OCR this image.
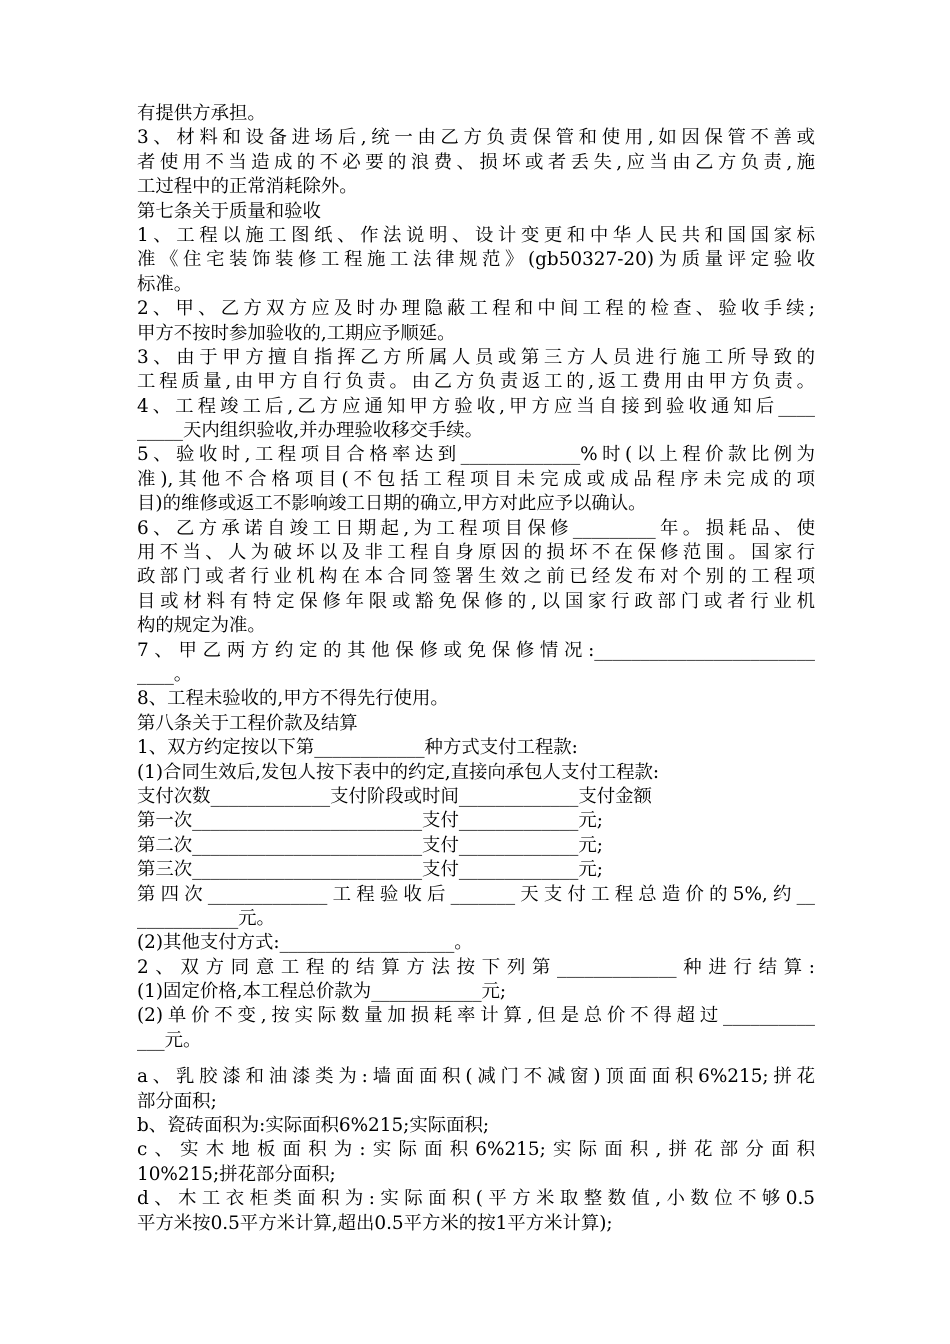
有提供方承担。
3、材料和设备进场后,统一由乙方负责保管和使用,如因保管不善或
者使用不当造成的不必要的浪费、损坏或者丢失,应当由乙方负责,施
工过程中的正常消耗除外。
第七条关于质量和验收
1、工程以施工图纸、作法说明、设计变更和中华人民共和国国家标
准《住宅装饰装修工程施工法律规范》(gb50327-20)为质量评定验收
标准。
2、甲、乙方双方应及时办理隐蔽工程和中间工程的检查、验收手续;
甲方不按时参加验收的,工期应予顺延。
3、由于甲方擅自指挥乙方所属人员或第三方人员进行施工所导致的
工程质量,由甲方自行负责。由乙方负责返工的,返工费用由甲方负责。
4、工程竣工后,乙方应通知甲方验收,甲方应当自接到验收通知后____
_____天内组织验收,并办理验收移交手续。
5、验收时,工程项目合格率达到_____________%时(以上程价款比例为
准),其他不合格项目(不包括工程项目未完成或成品程序未完成的项
目)的维修或返工不影响竣工日期的确立,甲方对此应予以确认。
6、乙方承诺自竣工日期起,为工程项目保修_________年。损耗品、使
用不当、人为破坏以及非工程自身原因的损坏不在保修范围。国家行
政部门或者行业机构在本合同签署生效之前已经发布对个别的工程项
目或材料有特定保修年限或豁免保修的,以国家行政部门或者行业机
构的规定为准。
7、甲乙两方约定的其他保修或免保修情况:________________________
____。
8、工程未验收的,甲方不得先行使用。
第八条关于工程价款及结算
1、双方约定按以下第____________种方式支付工程款:
(1)合同生效后,发包人按下表中的约定,直接向承包人支付工程款:
支付次数_____________支付阶段或时间_____________支付金额
第一次_________________________支付_____________元;
第二次_________________________支付_____________元;
第三次_________________________支付_____________元;
第四次_____________工程验收后_______天支付工程总造价的5%,约__
___________元。
(2)其他支付方式:___________________。
2、双方同意工程的结算方法按下列第_____________种进行结算:
(1)固定价格,本工程总价款为____________元;
(2)单价不变,按实际数量加损耗率计算,但是总价不得超过__________
___元。
a、乳胶漆和油漆类为:墙面面积(减门不减窗)顶面面积6%215;拼花
部分面积;
b、瓷砖面积为:实际面积6%215;实际面积;
c、实木地板面积为:实际面积6%215;实际面积,拼花部分面积
10%215;拼花部分面积;
d、木工衣柜类面积为:实际面积(平方米取整数值,小数位不够0.5
平方米按0.5平方米计算,超出0.5平方米的按1平方米计算);
